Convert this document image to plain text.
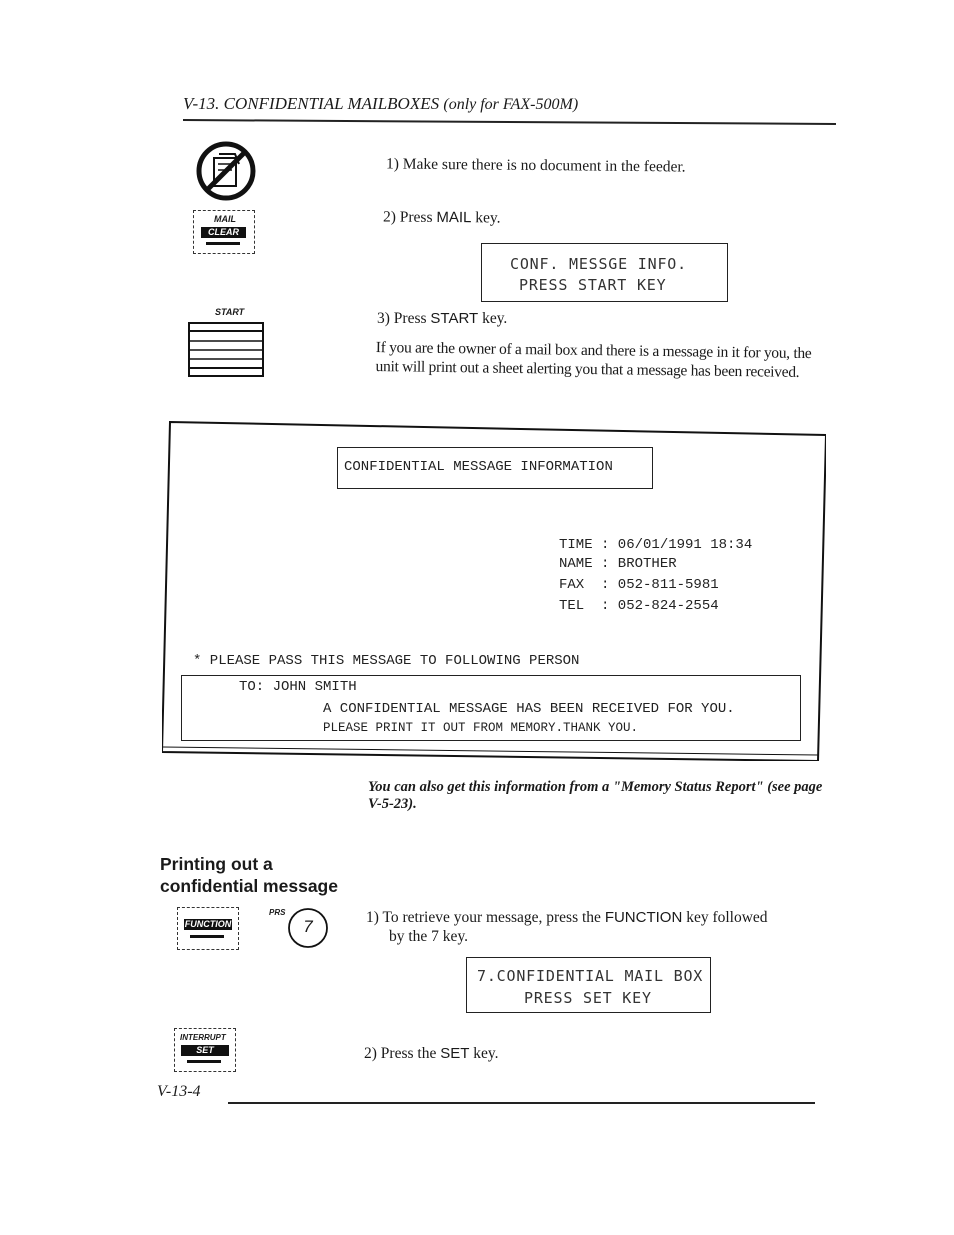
V-13. CONFIDENTIAL MAILBOXES (only for FAX-500M)
1) Make sure there is no document in the feeder.
MAIL
CLEAR
2) Press MAIL key.
CONF. MESSGE INFO.
PRESS START KEY
START	3) Press START key.
If you are the owner of a mail box and there is a message in it for you, the unit will print out a sheet alerting you that a message has been received.
CONFIDENTIAL MESSAGE INFORMATION
TIME : 06/01/1991 18:34
NAME : BROTHER
FAX  : 052-811-5981
TEL  : 052-824-2554
* PLEASE PASS THIS MESSAGE TO FOLLOWING PERSON
TO: JOHN SMITH
A CONFIDENTIAL MESSAGE HAS BEEN RECEIVED FOR YOU.
PLEASE PRINT IT OUT FROM MEMORY.THANK YOU.
You can also get this information from a "Memory Status Report" (see page V-5-23).
Printing out a
confidential message
FUNCTION
PRS
7	1) To retrieve your message, press the FUNCTION key followed
by the 7 key.
7.CONFIDENTIAL MAIL BOX
PRESS SET KEY
INTERRUPT
SET	2) Press the SET key.
V-13-4
